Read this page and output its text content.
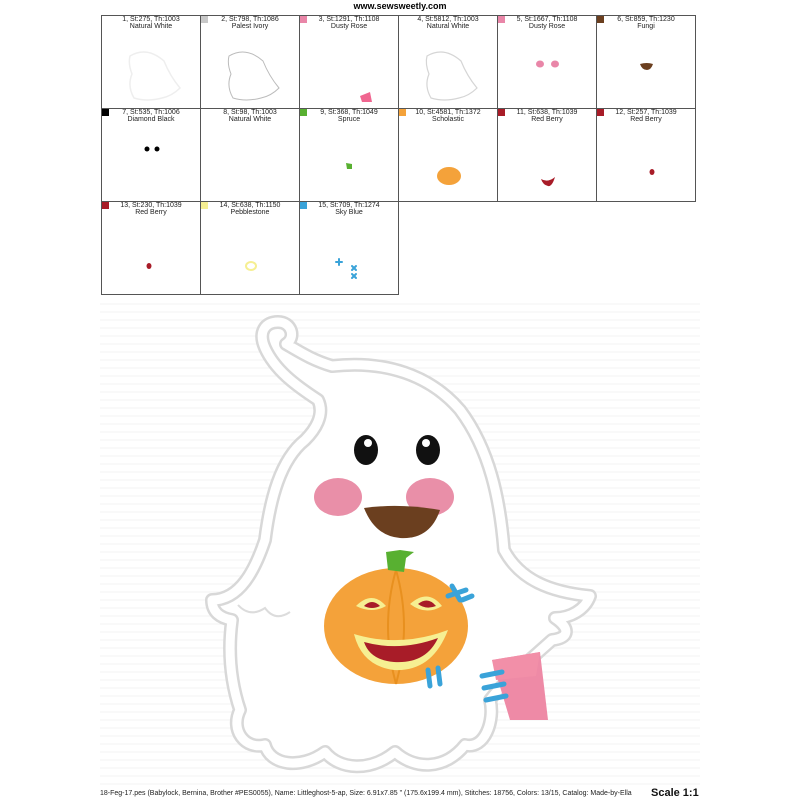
www.sewsweetly.com
1, St:275, Th:1003
Natural White
2, St:798, Th:1086
Palest Ivory
3, St:1291, Th:1108
Dusty Rose
4, St:5812, Th:1003
Natural White
5, St:1667, Th:1108
Dusty Rose
6, St:859, Th:1230
Fungi
7, St:535, Th:1006
Diamond Black
8, St:98, Th:1003
Natural White
9, St:368, Th:1049
Spruce
10, St:4581, Th:1372
Scholastic
11, St:638, Th:1039
Red Berry
12, St:257, Th:1039
Red Berry
13, St:230, Th:1039
Red Berry
14, St:638, Th:1150
Pebblestone
15, St:709, Th:1274
Sky Blue
18-Feg-17.pes (Babylock, Bernina, Brother #PES0055), Name: Littleghost-5-ap, Size: 6.91x7.85 " (175.6x199.4 mm), Stitches: 18756, Colors: 13/15, Catalog: Made-by-Ella	Scale 1:1
